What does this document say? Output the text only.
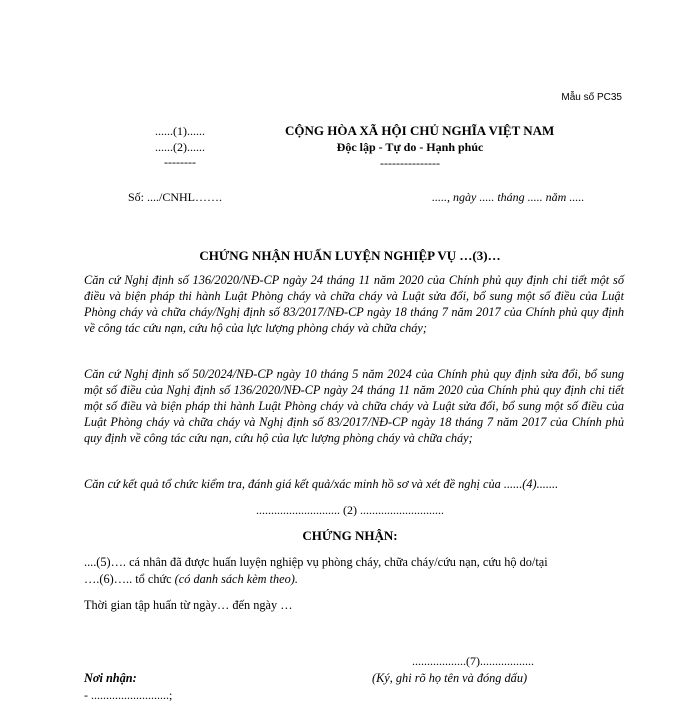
Mẫu số PC35
......(1)......
......(2)......
--------
CỘNG HÒA XÃ HỘI CHỦ NGHĨA VIỆT NAM
Độc lập - Tự do - Hạnh phúc
---------------
Số: ..../CNHL…….	....., ngày ..... tháng ..... năm .....
CHỨNG NHẬN HUẤN LUYỆN NGHIỆP VỤ …(3)…
Căn cứ Nghị định số 136/2020/NĐ-CP ngày 24 tháng 11 năm 2020 của Chính phủ quy định chi tiết một số điều và biện pháp thi hành Luật Phòng cháy và chữa cháy và Luật sửa đổi, bổ sung một số điều của Luật Phòng cháy và chữa cháy/Nghị định số 83/2017/NĐ-CP ngày 18 tháng 7 năm 2017 của Chính phủ quy định về công tác cứu nạn, cứu hộ của lực lượng phòng cháy và chữa cháy;
Căn cứ Nghị định số 50/2024/NĐ-CP ngày 10 tháng 5 năm 2024 của Chính phủ quy định sửa đổi, bổ sung một số điều của Nghị định số 136/2020/NĐ-CP ngày 24 tháng 11 năm 2020 của Chính phủ quy định chi tiết một số điều và biện pháp thi hành Luật Phòng cháy và chữa cháy và Luật sửa đổi, bổ sung một số điều của Luật Phòng cháy và chữa cháy và Nghị định số 83/2017/NĐ-CP ngày 18 tháng 7 năm 2017 của Chính phủ quy định về công tác cứu nạn, cứu hộ của lực lượng phòng cháy và chữa cháy;
Căn cứ kết quả tổ chức kiểm tra, đánh giá kết quả/xác minh hồ sơ và xét đề nghị của ......(4).......
............................ (2) ............................
CHỨNG NHẬN:
....(5)…. cá nhân đã được huấn luyện nghiệp vụ phòng cháy, chữa cháy/cứu nạn, cứu hộ do/tại
….(6)….. tổ chức (có danh sách kèm theo).
Thời gian tập huấn từ ngày… đến ngày …
..................(7)..................
Nơi nhận:	(Ký, ghi rõ họ tên và đóng dấu)
- ..........................;
